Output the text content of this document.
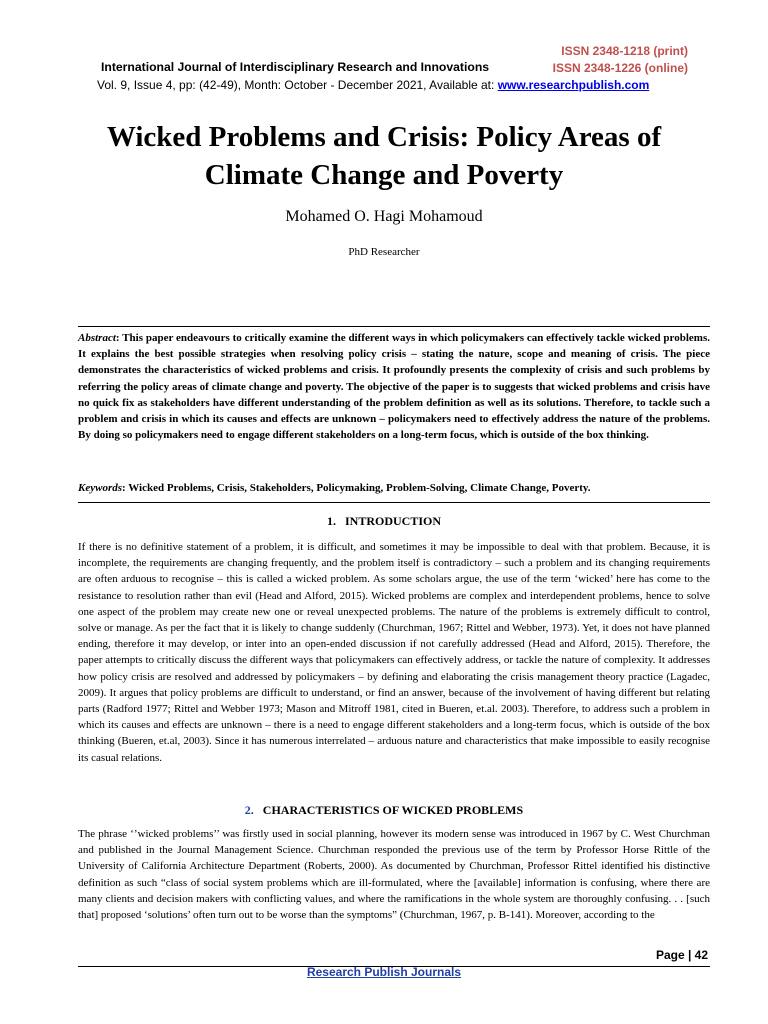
ISSN 2348-1218 (print)
ISSN 2348-1226 (online)
International Journal of Interdisciplinary Research and Innovations
Vol. 9, Issue 4, pp: (42-49), Month: October - December 2021, Available at: www.researchpublish.com
Wicked Problems and Crisis: Policy Areas of
Climate Change and Poverty
Mohamed O. Hagi Mohamoud
PhD Researcher
Abstract: This paper endeavours to critically examine the different ways in which policymakers can effectively tackle wicked problems. It explains the best possible strategies when resolving policy crisis – stating the nature, scope and meaning of crisis. The piece demonstrates the characteristics of wicked problems and crisis. It profoundly presents the complexity of crisis and such problems by referring the policy areas of climate change and poverty. The objective of the paper is to suggests that wicked problems and crisis have no quick fix as stakeholders have different understanding of the problem definition as well as its solutions. Therefore, to tackle such a problem and crisis in which its causes and effects are unknown – policymakers need to effectively address the nature of the problems. By doing so policymakers need to engage different stakeholders on a long-term focus, which is outside of the box thinking.
Keywords: Wicked Problems, Crisis, Stakeholders, Policymaking, Problem-Solving, Climate Change, Poverty.
1. INTRODUCTION
If there is no definitive statement of a problem, it is difficult, and sometimes it may be impossible to deal with that problem. Because, it is incomplete, the requirements are changing frequently, and the problem itself is contradictory – such a problem and its changing requirements are often arduous to recognise – this is called a wicked problem. As some scholars argue, the use of the term ‘wicked’ here has come to the resistance to resolution rather than evil (Head and Alford, 2015). Wicked problems are complex and interdependent problems, hence to solve one aspect of the problem may create new one or reveal unexpected problems. The nature of the problems is extremely difficult to control, solve or manage. As per the fact that it is likely to change suddenly (Churchman, 1967; Rittel and Webber, 1973). Yet, it does not have planned ending, therefore it may develop, or inter into an open-ended discussion if not carefully addressed (Head and Alford, 2015). Therefore, the paper attempts to critically discuss the different ways that policymakers can effectively address, or tackle the nature of complexity. It addresses how policy crisis are resolved and addressed by policymakers – by defining and elaborating the crisis management theory practice (Lagadec, 2009). It argues that policy problems are difficult to understand, or find an answer, because of the involvement of having different but relating parts (Radford 1977; Rittel and Webber 1973; Mason and Mitroff 1981, cited in Bueren, et.al. 2003). Therefore, to address such a problem in which its causes and effects are unknown – there is a need to engage different stakeholders and a long-term focus, which is outside of the box thinking (Bueren, et.al, 2003). Since it has numerous interrelated – arduous nature and characteristics that make impossible to easily recognise its casual relations.
2. CHARACTERISTICS OF WICKED PROBLEMS
The phrase ‘’wicked problems’’ was firstly used in social planning, however its modern sense was introduced in 1967 by C. West Churchman and published in the Journal Management Science. Churchman responded the previous use of the term by Professor Horse Rittle of the University of California Architecture Department (Roberts, 2000). As documented by Churchman, Professor Rittel identified his distinctive definition as such “class of social system problems which are ill-formulated, where the [available] information is confusing, where there are many clients and decision makers with conflicting values, and where the ramifications in the whole system are thoroughly confusing. . . [such that] proposed ‘solutions’ often turn out to be worse than the symptoms” (Churchman, 1967, p. B-141). Moreover, according to the
Page | 42
Research Publish Journals
